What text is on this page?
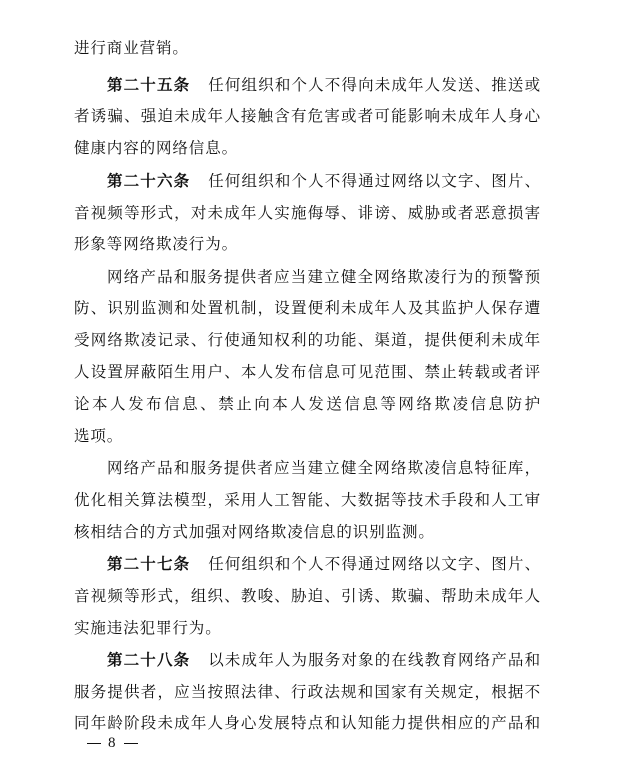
进行商业营销。
第二十五条 任何组织和个人不得向未成年人发送、推送或
者诱骗、强迫未成年人接触含有危害或者可能影响未成年人身心
健康内容的网络信息。
第二十六条 任何组织和个人不得通过网络以文字、图片、
音视频等形式，对未成年人实施侮辱、诽谤、威胁或者恶意损害
形象等网络欺凌行为。
网络产品和服务提供者应当建立健全网络欺凌行为的预警预
防、识别监测和处置机制，设置便利未成年人及其监护人保存遭
受网络欺凌记录、行使通知权利的功能、渠道，提供便利未成年
人设置屏蔽陌生用户、本人发布信息可见范围、禁止转载或者评
论本人发布信息、禁止向本人发送信息等网络欺凌信息防护
选项。
网络产品和服务提供者应当建立健全网络欺凌信息特征库，
优化相关算法模型，采用人工智能、大数据等技术手段和人工审
核相结合的方式加强对网络欺凌信息的识别监测。
第二十七条 任何组织和个人不得通过网络以文字、图片、
音视频等形式，组织、教唆、胁迫、引诱、欺骗、帮助未成年人
实施违法犯罪行为。
第二十八条 以未成年人为服务对象的在线教育网络产品和
服务提供者，应当按照法律、行政法规和国家有关规定，根据不
同年龄阶段未成年人身心发展特点和认知能力提供相应的产品和
8
